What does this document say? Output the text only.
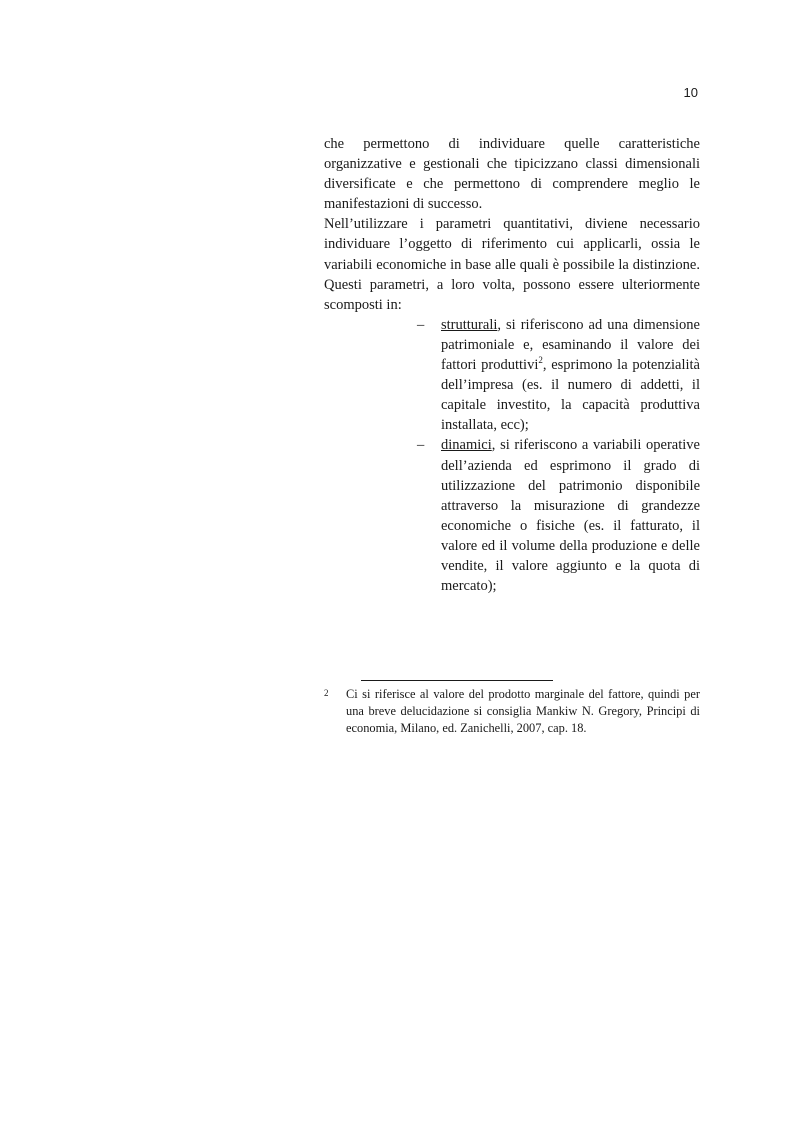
10

che permettono di individuare quelle caratteristiche organizzative e gestionali che tipicizzano classi dimensionali diversificate e che permettono di comprendere meglio le manifestazioni di successo.

Nell’utilizzare i parametri quantitativi, diviene necessario individuare l’oggetto di riferimento cui applicarli, ossia le variabili economiche in base alle quali è possibile la distinzione. Questi parametri, a loro volta, possono essere ulteriormente scomposti in:

– strutturali, si riferiscono ad una dimensione patrimoniale e, esaminando il valore dei fattori produttivi$^2$, esprimono la potenzialità dell’impresa (es. il numero di addetti, il capitale investito, la capacità produttiva installata, ecc);
– dinamici, si riferiscono a variabili operative dell’azienda ed esprimono il grado di utilizzazione del patrimonio disponibile attraverso la misurazione di grandezze economiche o fisiche (es. il fatturato, il valore ed il volume della produzione e delle vendite, il valore aggiunto e la quota di mercato);
2 Ci si riferisce al valore del prodotto marginale del fattore, quindi per una breve delucidazione si consiglia Mankiw N. Gregory, Principi di economia, Milano, ed. Zanichelli, 2007, cap. 18.
